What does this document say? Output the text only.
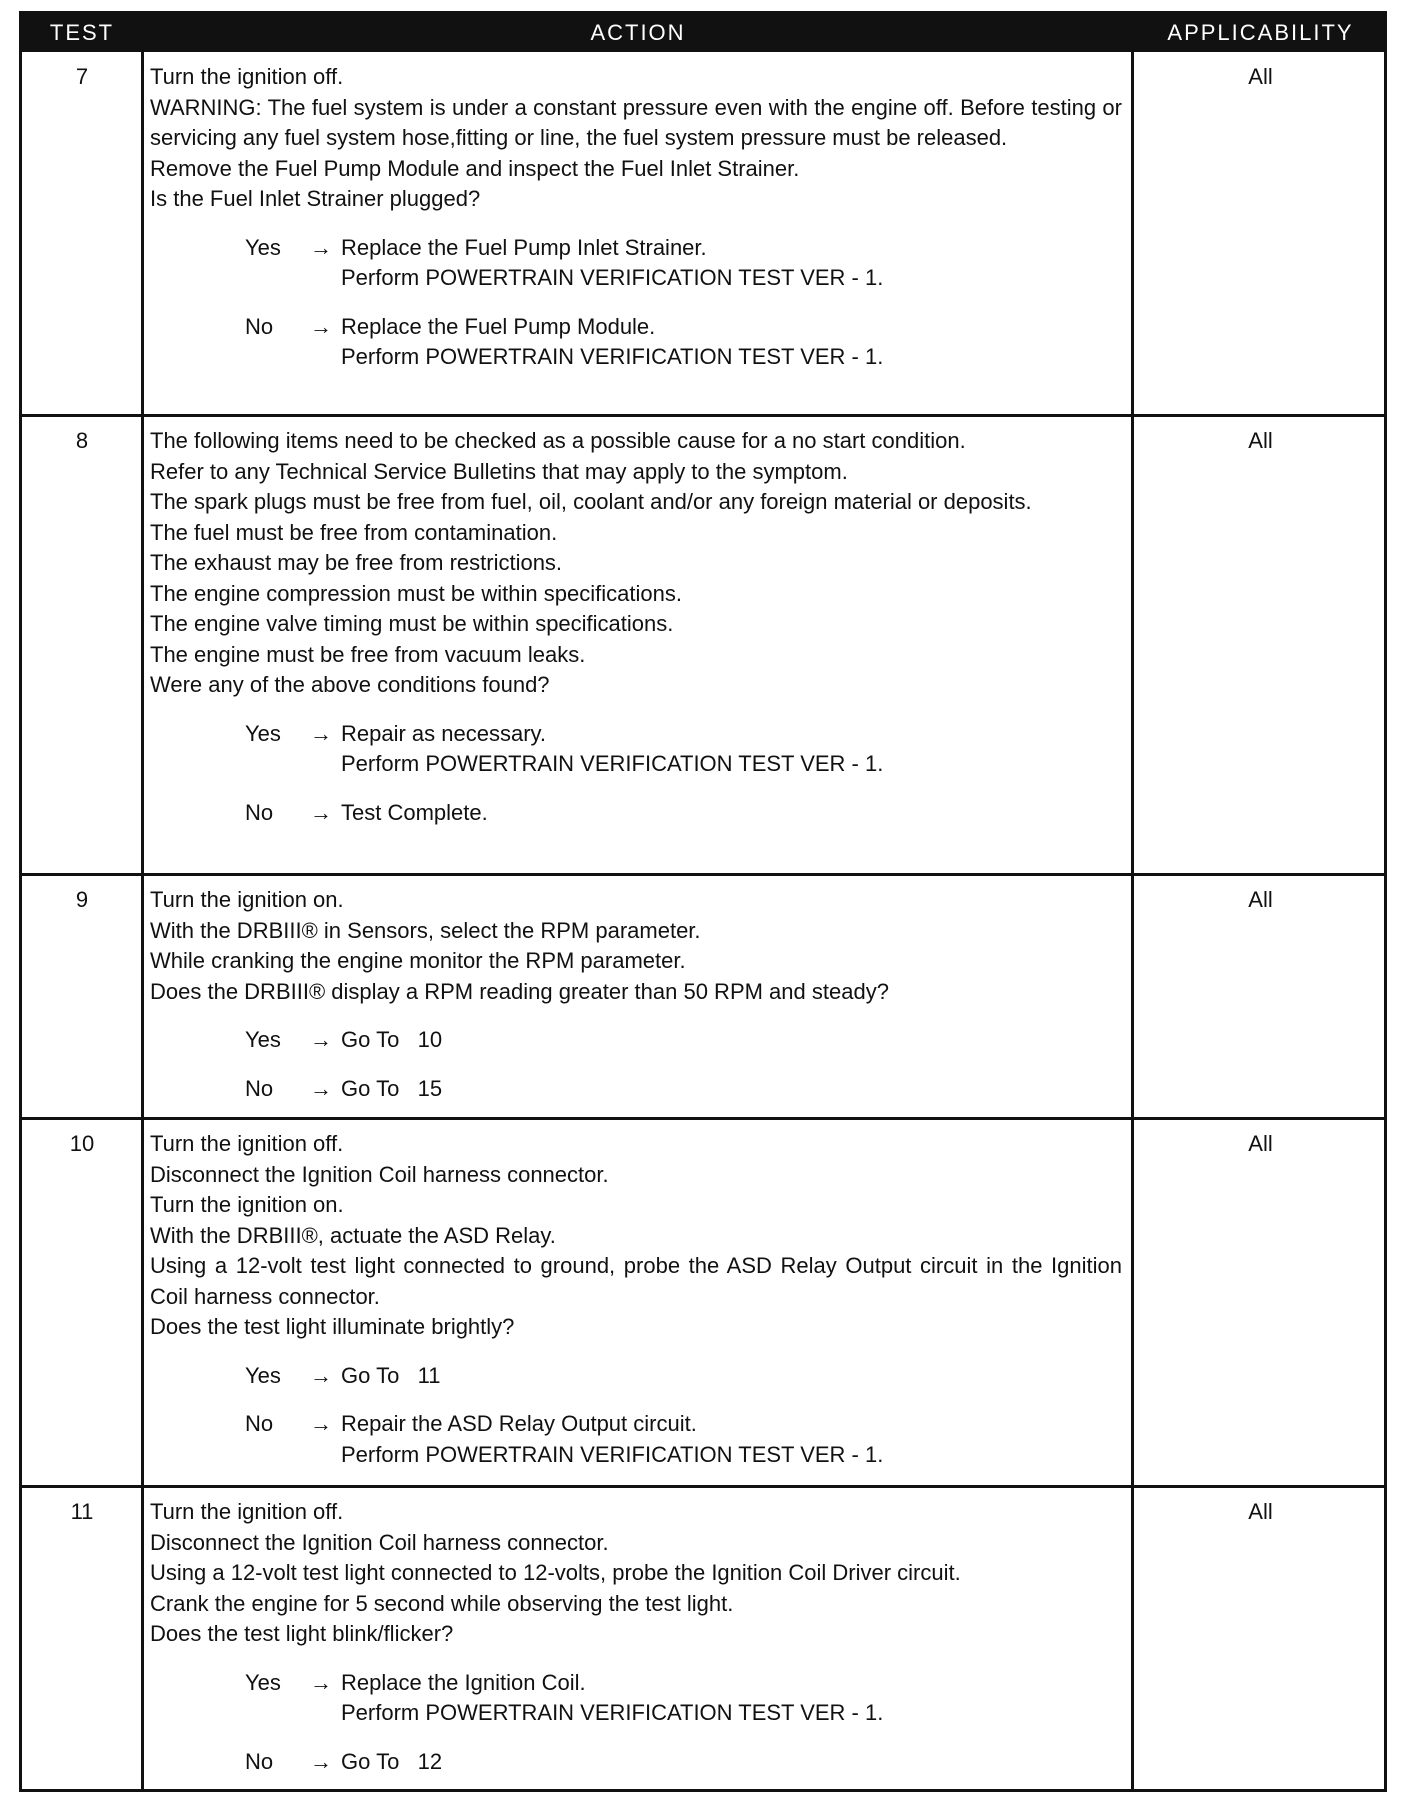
TEST	ACTION	APPLICABILITY
7	Turn the ignition off.
WARNING: The fuel system is under a constant pressure even with the engine off. Before testing or servicing any fuel system hose,fitting or line, the fuel system pressure must be released.
Remove the Fuel Pump Module and inspect the Fuel Inlet Strainer.
Is the Fuel Inlet Strainer plugged?
Yes → Replace the Fuel Pump Inlet Strainer.
Perform POWERTRAIN VERIFICATION TEST VER - 1.
No → Replace the Fuel Pump Module.
Perform POWERTRAIN VERIFICATION TEST VER - 1.
All
8	The following items need to be checked as a possible cause for a no start condition.
Refer to any Technical Service Bulletins that may apply to the symptom.
The spark plugs must be free from fuel, oil, coolant and/or any foreign material or deposits.
The fuel must be free from contamination.
The exhaust may be free from restrictions.
The engine compression must be within specifications.
The engine valve timing must be within specifications.
The engine must be free from vacuum leaks.
Were any of the above conditions found?
Yes → Repair as necessary.
Perform POWERTRAIN VERIFICATION TEST VER - 1.
No → Test Complete.
All
9	Turn the ignition on.
With the DRBIII® in Sensors, select the RPM parameter.
While cranking the engine monitor the RPM parameter.
Does the DRBIII® display a RPM reading greater than 50 RPM and steady?
Yes → Go To   10
No → Go To   15
All
10	Turn the ignition off.
Disconnect the Ignition Coil harness connector.
Turn the ignition on.
With the DRBIII®, actuate the ASD Relay.
Using a 12-volt test light connected to ground, probe the ASD Relay Output circuit in the Ignition Coil harness connector.
Does the test light illuminate brightly?
Yes → Go To   11
No → Repair the ASD Relay Output circuit.
Perform POWERTRAIN VERIFICATION TEST VER - 1.
All
11	Turn the ignition off.
Disconnect the Ignition Coil harness connector.
Using a 12-volt test light connected to 12-volts, probe the Ignition Coil Driver circuit.
Crank the engine for 5 second while observing the test light.
Does the test light blink/flicker?
Yes → Replace the Ignition Coil.
Perform POWERTRAIN VERIFICATION TEST VER - 1.
No → Go To   12
All
